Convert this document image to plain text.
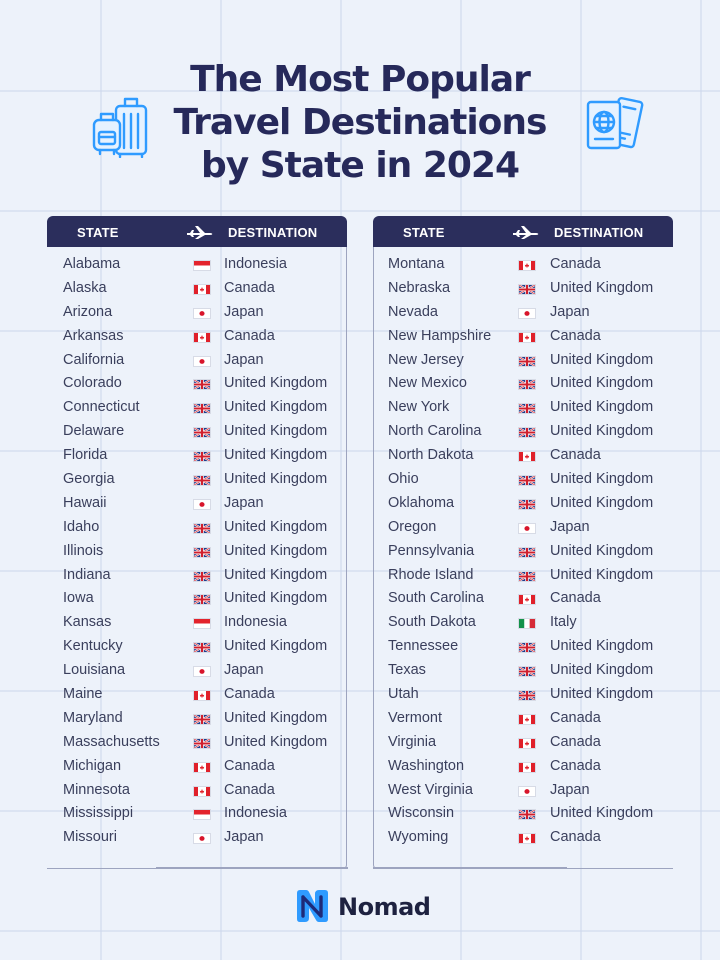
The Most Popular
Travel Destinations
by State in 2024
STATE	DESTINATION
Alabama	Indonesia
Alaska	Canada
Arizona	Japan
Arkansas	Canada
California	Japan
Colorado	United Kingdom
Connecticut	United Kingdom
Delaware	United Kingdom
Florida	United Kingdom
Georgia	United Kingdom
Hawaii	Japan
Idaho	United Kingdom
Illinois	United Kingdom
Indiana	United Kingdom
Iowa	United Kingdom
Kansas	Indonesia
Kentucky	United Kingdom
Louisiana	Japan
Maine	Canada
Maryland	United Kingdom
Massachusetts	United Kingdom
Michigan	Canada
Minnesota	Canada
Mississippi	Indonesia
Missouri	Japan
STATE	DESTINATION
Montana	Canada
Nebraska	United Kingdom
Nevada	Japan
New Hampshire	Canada
New Jersey	United Kingdom
New Mexico	United Kingdom
New York	United Kingdom
North Carolina	United Kingdom
North Dakota	Canada
Ohio	United Kingdom
Oklahoma	United Kingdom
Oregon	Japan
Pennsylvania	United Kingdom
Rhode Island	United Kingdom
South Carolina	Canada
South Dakota	Italy
Tennessee	United Kingdom
Texas	United Kingdom
Utah	United Kingdom
Vermont	Canada
Virginia	Canada
Washington	Canada
West Virginia	Japan
Wisconsin	United Kingdom
Wyoming	Canada
Nomad
